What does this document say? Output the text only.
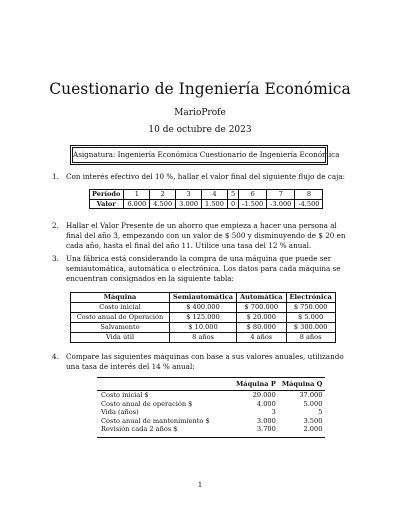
Cuestionario de Ingeniería Económica
MarioProfe
10 de octubre de 2023
Asignatura: Ingeniería Económica Cuestionario de Ingeniería Económica
1. Con interés efectivo del 10 %, hallar el valor final del siguiente flujo de caja:
Período	1	2	3	4	5	6	7	8
Valor	6.000	4.500	3.000	1.500	0	-1.500	-3.000	-4.500
2. Hallar el Valor Presente de un ahorro que empieza a hacer una persona al final del año 3, empezando con un valor de $ 500 y disminuyendo de $ 20 en cada año, hasta el final del año 11. Utilice una tasa del 12 % anual.
3. Una fábrica está considerando la compra de una máquina que puede ser semiautomática, automática o electrónica. Los datos para cada máquina se encuentran consignados en la siguiente tabla:
Máquina	Semiautomática	Automática	Electrónica
Costo inicial	$ 400.000	$ 700.000	$ 750.000
Costo anual de Operación	$ 125.000	$ 20.000	$ 5.000
Salvamento	$ 10.000	$ 80.000	$ 300.000
Vida útil	8 años	4 años	8 años
4. Compare las siguientes máquinas con base a sus valores anuales, utilizando una tasa de interés del 14 % anual:
	Máquina P	Máquina Q
Costo inicial $	29.000	37.000
Costo anual de operación $	4.000	5.000
Vida (años)	3	5
Costo anual de mantenimiento $	3.000	3.500
Revisión cada 2 años $	3.700	2.000
1
